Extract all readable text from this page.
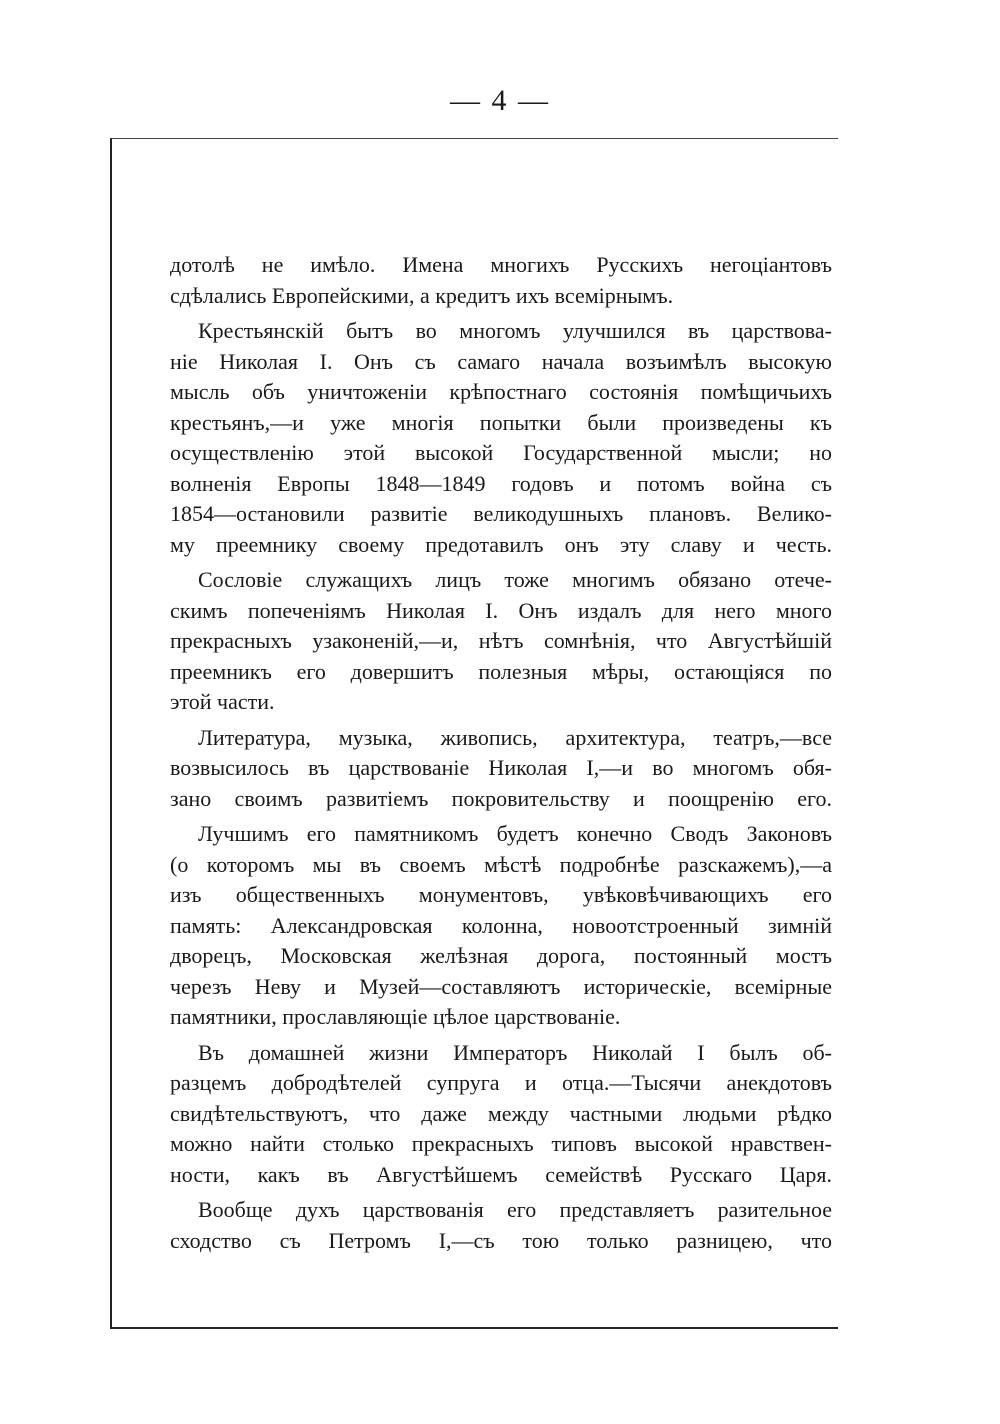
— 4 —
дотолѣ не имѣло. Имена многихъ Русскихъ негоціантовъ
сдѣлались Европейскими, а кредитъ ихъ всемірнымъ.
Крестьянскій бытъ во многомъ улучшился въ царствова-
ніе Николая I. Онъ съ самаго начала возъимѣлъ высокую
мысль объ уничтоженіи крѣпостнаго состоянія помѣщичьихъ
крестьянъ,—и уже многія попытки были произведены къ
осуществленію этой высокой Государственной мысли; но
волненія Европы 1848—1849 годовъ и потомъ война съ
1854—остановили развитіе великодушныхъ плановъ. Велико-
му преемнику своему предотавилъ онъ эту славу и честь.
Сословіе служащихъ лицъ тоже многимъ обязано отече-
скимъ попеченіямъ Николая I. Онъ издалъ для него много
прекрасныхъ узаконеній,—и, нѣтъ сомнѣнія, что Августѣйшій
преемникъ его довершитъ полезныя мѣры, остающіяся по
этой части.
Литература, музыка, живопись, архитектура, театръ,—все
возвысилось въ царствованіе Николая I,—и во многомъ обя-
зано своимъ развитіемъ покровительству и поощренію его.
Лучшимъ его памятникомъ будетъ конечно Сводъ Законовъ
(о которомъ мы въ своемъ мѣстѣ подробнѣе разскажемъ),—а
изъ общественныхъ монументовъ, увѣковѣчивающихъ его
память: Александровская колонна, новоотстроенный зимній
дворецъ, Московская желѣзная дорога, постоянный мостъ
черезъ Неву и Музей—составляютъ историческіе, всемірные
памятники, прославляющіе цѣлое царствованіе.
Въ домашней жизни Императоръ Николай I былъ об-
разцемъ добродѣтелей супруга и отца.—Тысячи анекдотовъ
свидѣтельствуютъ, что даже между частными людьми рѣдко
можно найти столько прекрасныхъ типовъ высокой нравствен-
ности, какъ въ Августѣйшемъ семействѣ Русскаго Царя.
Вообще духъ царствованія его представляетъ разительное
сходство съ Петромъ I,—съ тою только разницею, что
